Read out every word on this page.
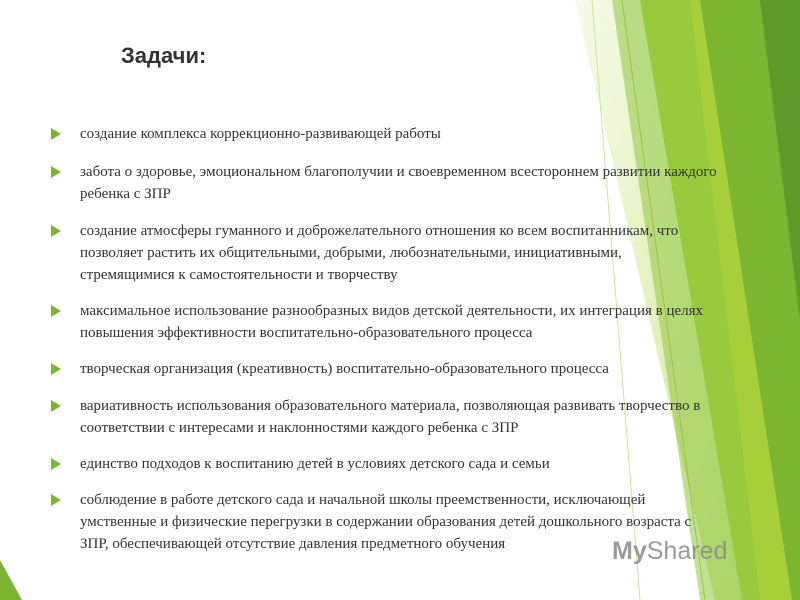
Задачи:
создание комплекса коррекционно-развивающей работы
забота о здоровье, эмоциональном благополучии и своевременном всестороннем развитии каждого ребенка с ЗПР
создание атмосферы гуманного и доброжелательного отношения ко всем воспитанникам, что позволяет растить их общительными, добрыми, любознательными, инициативными, стремящимися к самостоятельности и творчеству
максимальное использование разнообразных видов детской деятельности, их интеграция в целях повышения эффективности воспитательно-образовательного процесса
творческая организация (креативность) воспитательно-образовательного процесса
вариативность использования образовательного материала, позволяющая развивать творчество в соответствии с интересами и наклонностями каждого ребенка с ЗПР
единство подходов к воспитанию детей в условиях детского сада и семьи
соблюдение в работе детского сада и начальной школы преемственности, исключающей умственные и физические перегрузки в содержании образования детей дошкольного возраста с ЗПР, обеспечивающей отсутствие давления предметного обучения	MyShared
